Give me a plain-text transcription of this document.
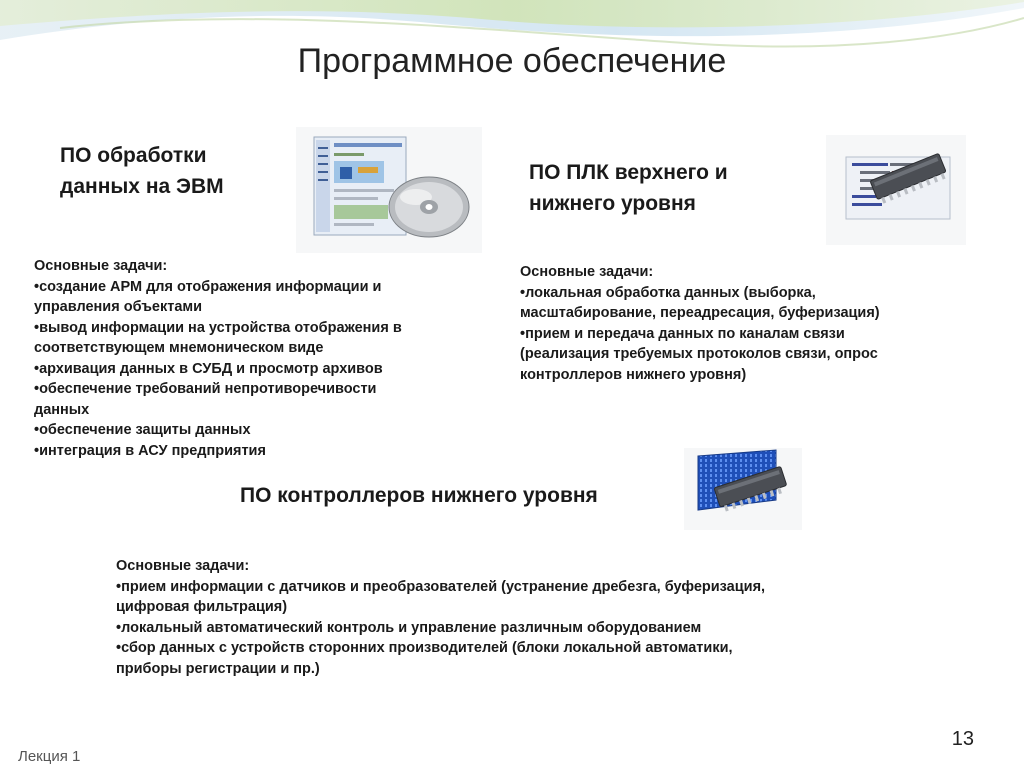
Программное обеспечение
ПО обработки
данных на ЭВМ
Основные задачи:
•создание АРМ для отображения информации и
управления объектами
•вывод информации на устройства отображения в
соответствующем мнемоническом виде
•архивация данных в СУБД и просмотр архивов
•обеспечение требований непротиворечивости
данных
•обеспечение защиты данных
•интеграция в АСУ предприятия
ПО ПЛК верхнего и
нижнего уровня
Основные задачи:
•локальная обработка данных (выборка,
масштабирование, переадресация, буферизация)
•прием и передача данных по каналам связи
(реализация требуемых протоколов связи, опрос
контроллеров нижнего уровня)
ПО контроллеров нижнего уровня
Основные задачи:
•прием информации с датчиков и преобразователей (устранение дребезга, буферизация,
цифровая фильтрация)
•локальный автоматический контроль и управление различным оборудованием
•сбор данных с устройств сторонних производителей (блоки локальной автоматики,
приборы регистрации и пр.)
13
Лекция 1
